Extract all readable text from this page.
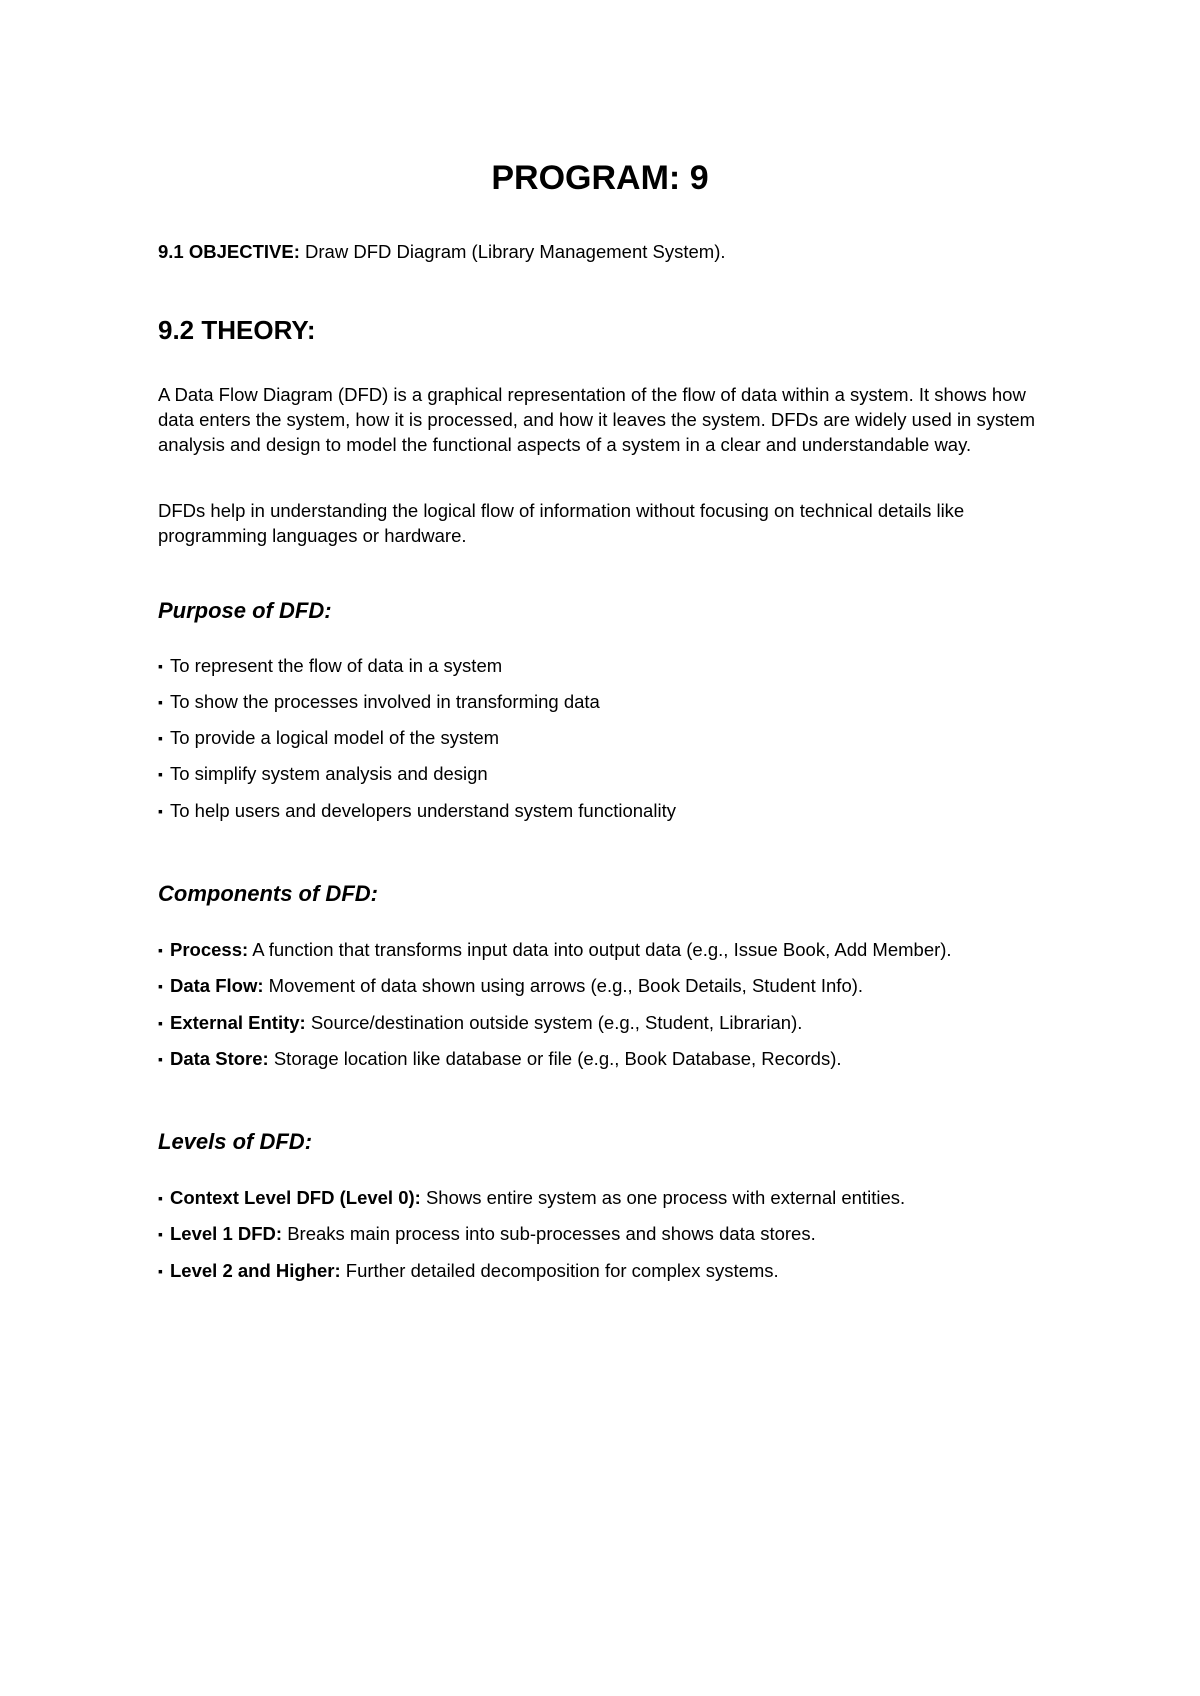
PROGRAM: 9
9.1 OBJECTIVE: Draw DFD Diagram (Library Management System).
9.2 THEORY:
A Data Flow Diagram (DFD) is a graphical representation of the flow of data within a system. It shows how data enters the system, how it is processed, and how it leaves the system. DFDs are widely used in system analysis and design to model the functional aspects of a system in a clear and understandable way.
DFDs help in understanding the logical flow of information without focusing on technical details like programming languages or hardware.
Purpose of DFD:
▪ To represent the flow of data in a system
▪ To show the processes involved in transforming data
▪ To provide a logical model of the system
▪ To simplify system analysis and design
▪ To help users and developers understand system functionality
Components of DFD:
▪ Process: A function that transforms input data into output data (e.g., Issue Book, Add Member).
▪ Data Flow: Movement of data shown using arrows (e.g., Book Details, Student Info).
▪ External Entity: Source/destination outside system (e.g., Student, Librarian).
▪ Data Store: Storage location like database or file (e.g., Book Database, Records).
Levels of DFD:
▪ Context Level DFD (Level 0): Shows entire system as one process with external entities.
▪ Level 1 DFD: Breaks main process into sub-processes and shows data stores.
▪ Level 2 and Higher: Further detailed decomposition for complex systems.
